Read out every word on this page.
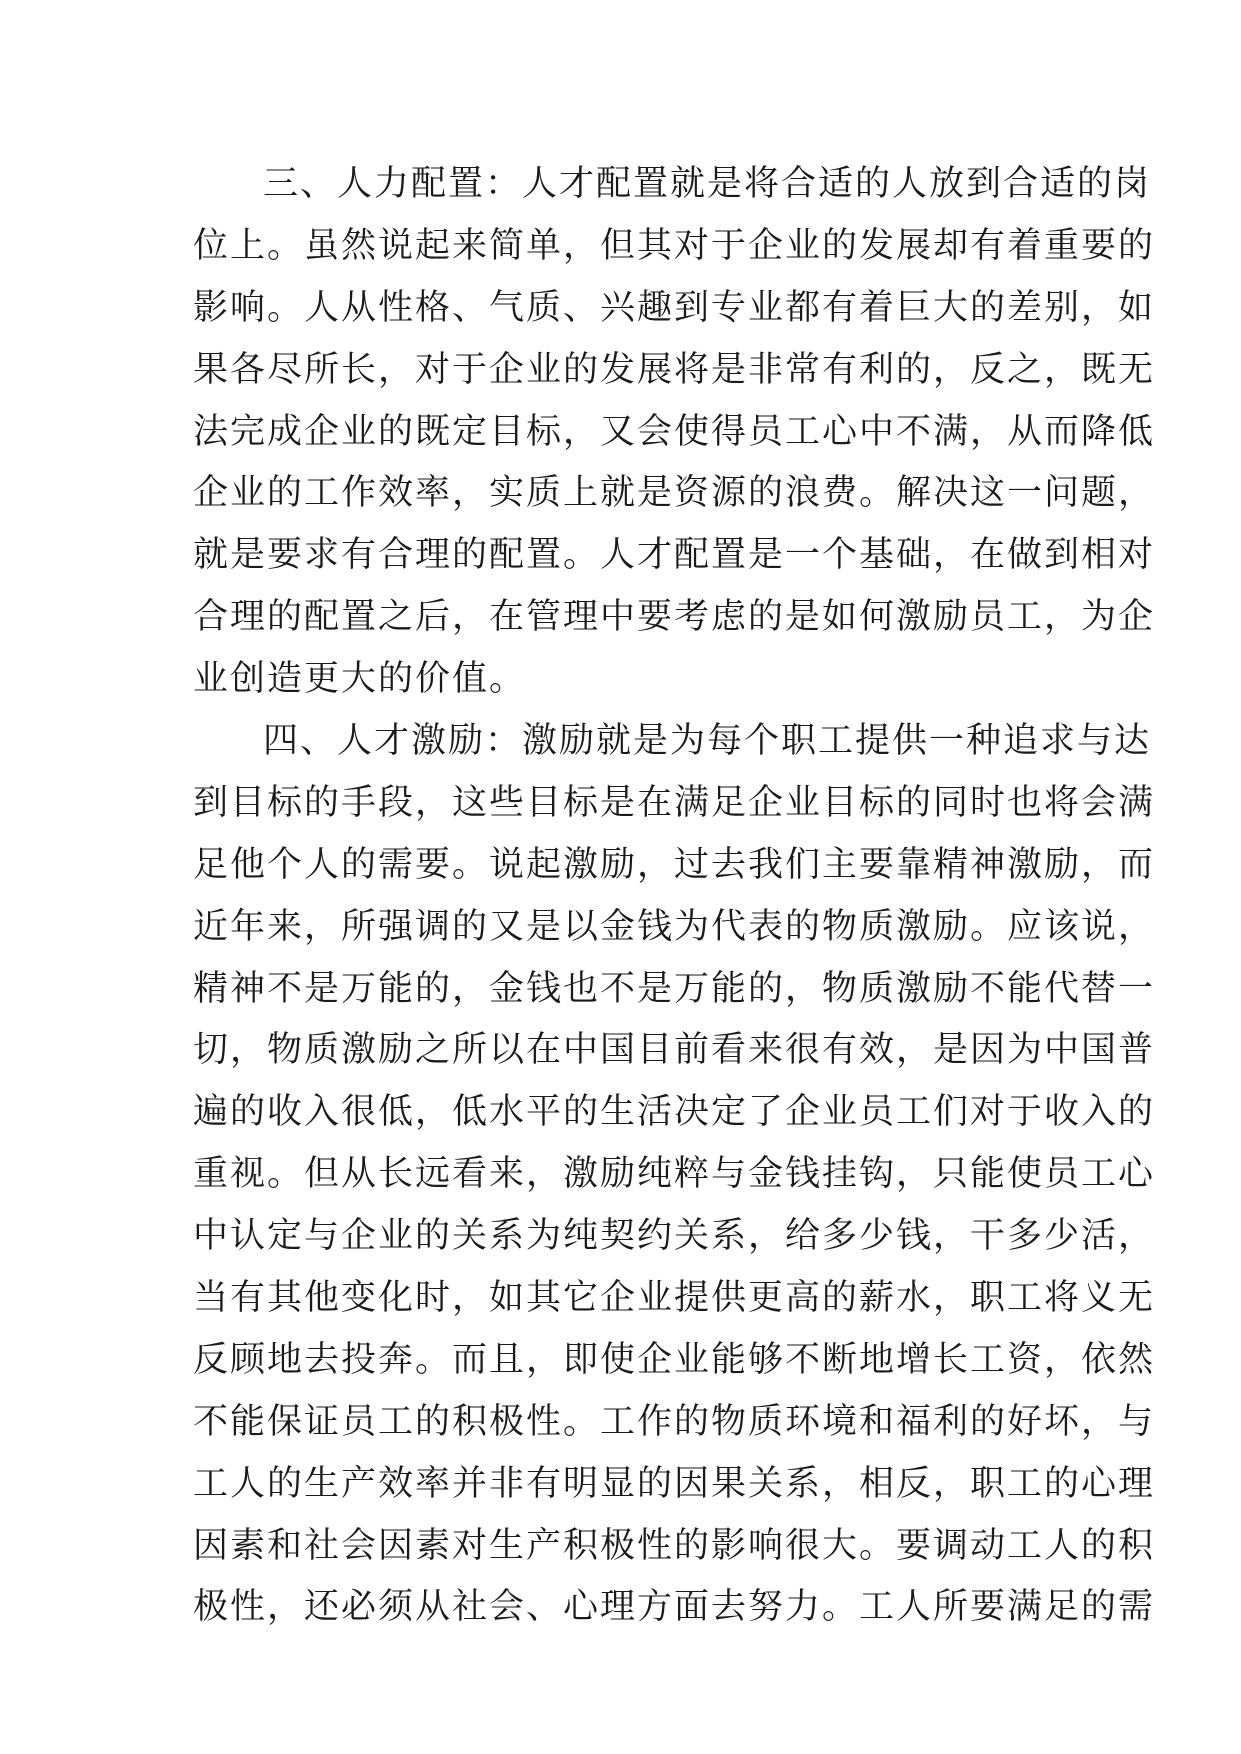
三、人力配置：人才配置就是将合适的人放到合适的岗
位上。虽然说起来简单，但其对于企业的发展却有着重要的
影响。人从性格、气质、兴趣到专业都有着巨大的差别，如
果各尽所长，对于企业的发展将是非常有利的，反之，既无
法完成企业的既定目标，又会使得员工心中不满，从而降低
企业的工作效率，实质上就是资源的浪费。解决这一问题，
就是要求有合理的配置。人才配置是一个基础，在做到相对
合理的配置之后，在管理中要考虑的是如何激励员工，为企
业创造更大的价值。
四、人才激励：激励就是为每个职工提供一种追求与达
到目标的手段，这些目标是在满足企业目标的同时也将会满
足他个人的需要。说起激励，过去我们主要靠精神激励，而
近年来，所强调的又是以金钱为代表的物质激励。应该说，
精神不是万能的，金钱也不是万能的，物质激励不能代替一
切，物质激励之所以在中国目前看来很有效，是因为中国普
遍的收入很低，低水平的生活决定了企业员工们对于收入的
重视。但从长远看来，激励纯粹与金钱挂钩，只能使员工心
中认定与企业的关系为纯契约关系，给多少钱，干多少活，
当有其他变化时，如其它企业提供更高的薪水，职工将义无
反顾地去投奔。而且，即使企业能够不断地增长工资，依然
不能保证员工的积极性。工作的物质环境和福利的好坏，与
工人的生产效率并非有明显的因果关系，相反，职工的心理
因素和社会因素对生产积极性的影响很大。要调动工人的积
极性，还必须从社会、心理方面去努力。工人所要满足的需
